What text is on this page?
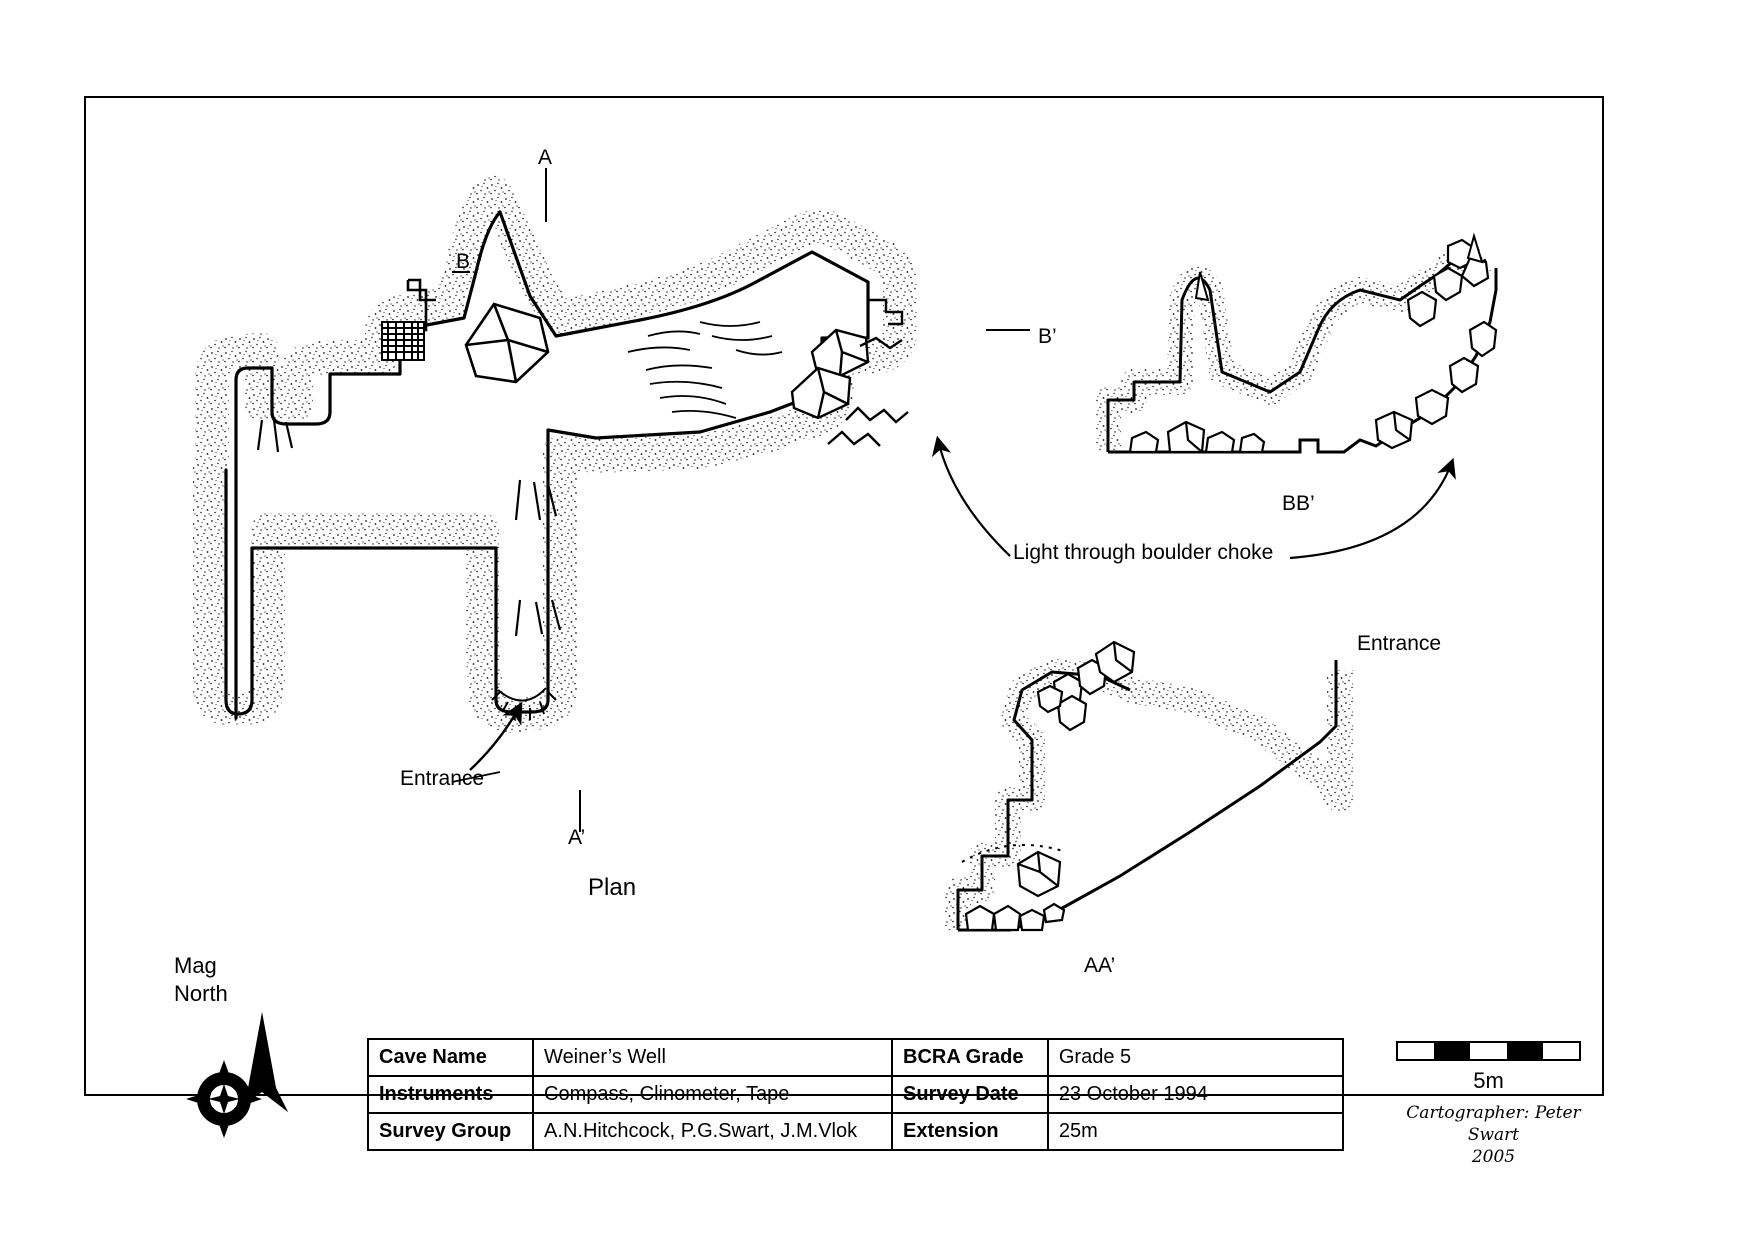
A
B
B’
A’
Entrance
Plan
BB’
AA’
Entrance
Light through boulder choke
Mag
North
5m
Cartographer: Peter Swart
2005
Cave Name	Weiner’s Well	BCRA Grade	Grade 5
Instruments	Compass, Clinometer, Tape	Survey Date	23 October 1994
Survey Group	A.N.Hitchcock, P.G.Swart, J.M.Vlok	Extension	25m
